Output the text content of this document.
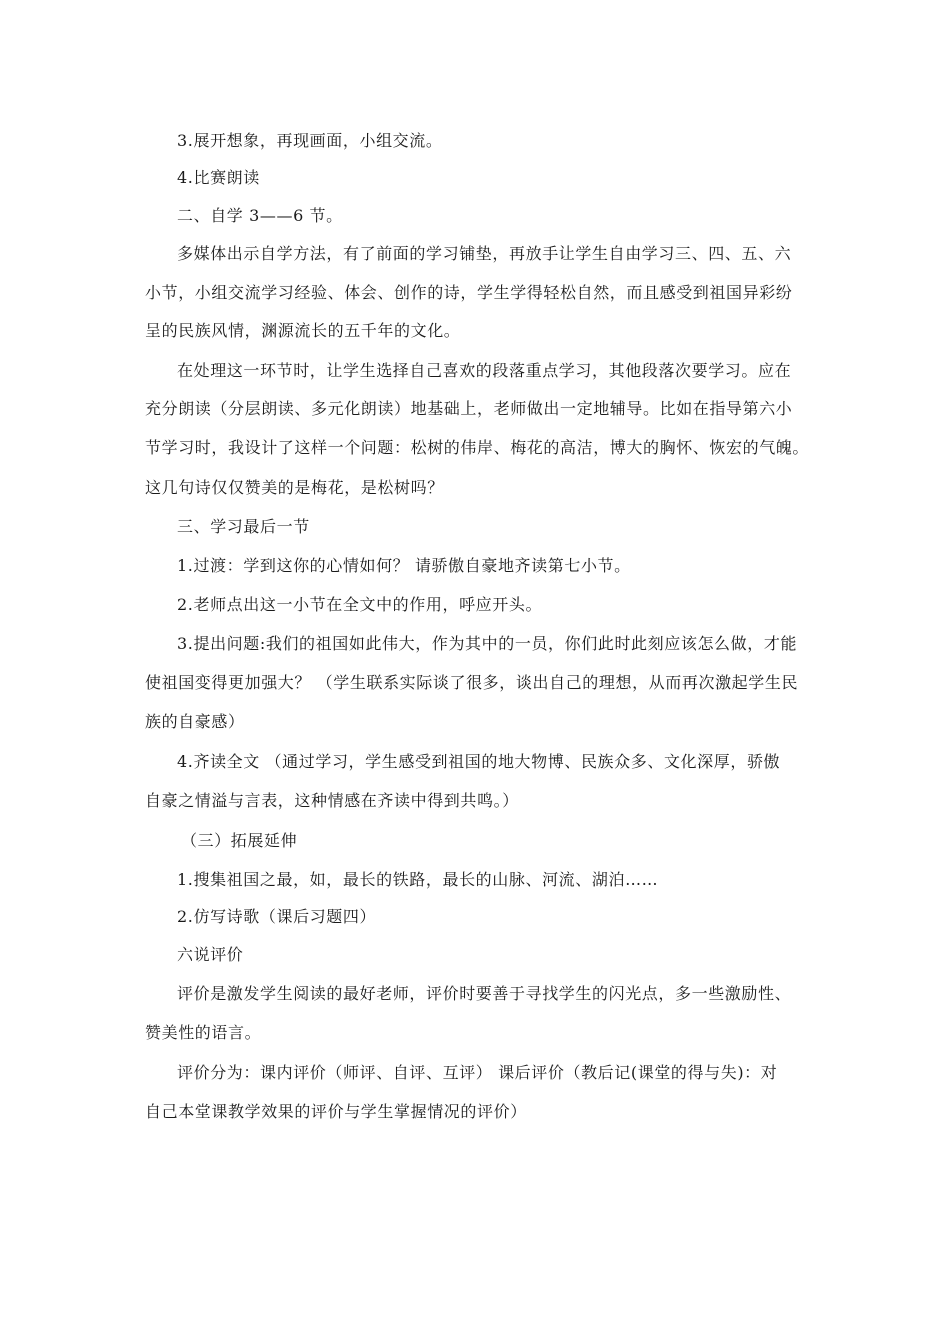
3.展开想象，再现画面，小组交流。
4.比赛朗读
二、自学 3——6 节。
多媒体出示自学方法，有了前面的学习铺垫，再放手让学生自由学习三、四、五、六
小节，小组交流学习经验、体会、创作的诗，学生学得轻松自然，而且感受到祖国异彩纷
呈的民族风情，渊源流长的五千年的文化。
在处理这一环节时，让学生选择自己喜欢的段落重点学习，其他段落次要学习。应在
充分朗读（分层朗读、多元化朗读）地基础上，老师做出一定地辅导。比如在指导第六小
节学习时，我设计了这样一个问题：松树的伟岸、梅花的高洁，博大的胸怀、恢宏的气魄。
这几句诗仅仅赞美的是梅花，是松树吗？
三、学习最后一节
1.过渡：学到这你的心情如何？ 请骄傲自豪地齐读第七小节。
2.老师点出这一小节在全文中的作用，呼应开头。
3.提出问题:我们的祖国如此伟大，作为其中的一员，你们此时此刻应该怎么做，才能
使祖国变得更加强大？ （学生联系实际谈了很多，谈出自己的理想，从而再次激起学生民
族的自豪感）
4.齐读全文 （通过学习，学生感受到祖国的地大物博、民族众多、文化深厚，骄傲
自豪之情溢与言表，这种情感在齐读中得到共鸣。）
（三）拓展延伸
1.搜集祖国之最，如，最长的铁路，最长的山脉、河流、湖泊……
2.仿写诗歌（课后习题四）
六说评价
评价是激发学生阅读的最好老师，评价时要善于寻找学生的闪光点，多一些激励性、
赞美性的语言。
评价分为：课内评价（师评、自评、互评） 课后评价（教后记(课堂的得与失)：对
自己本堂课教学效果的评价与学生掌握情况的评价）
